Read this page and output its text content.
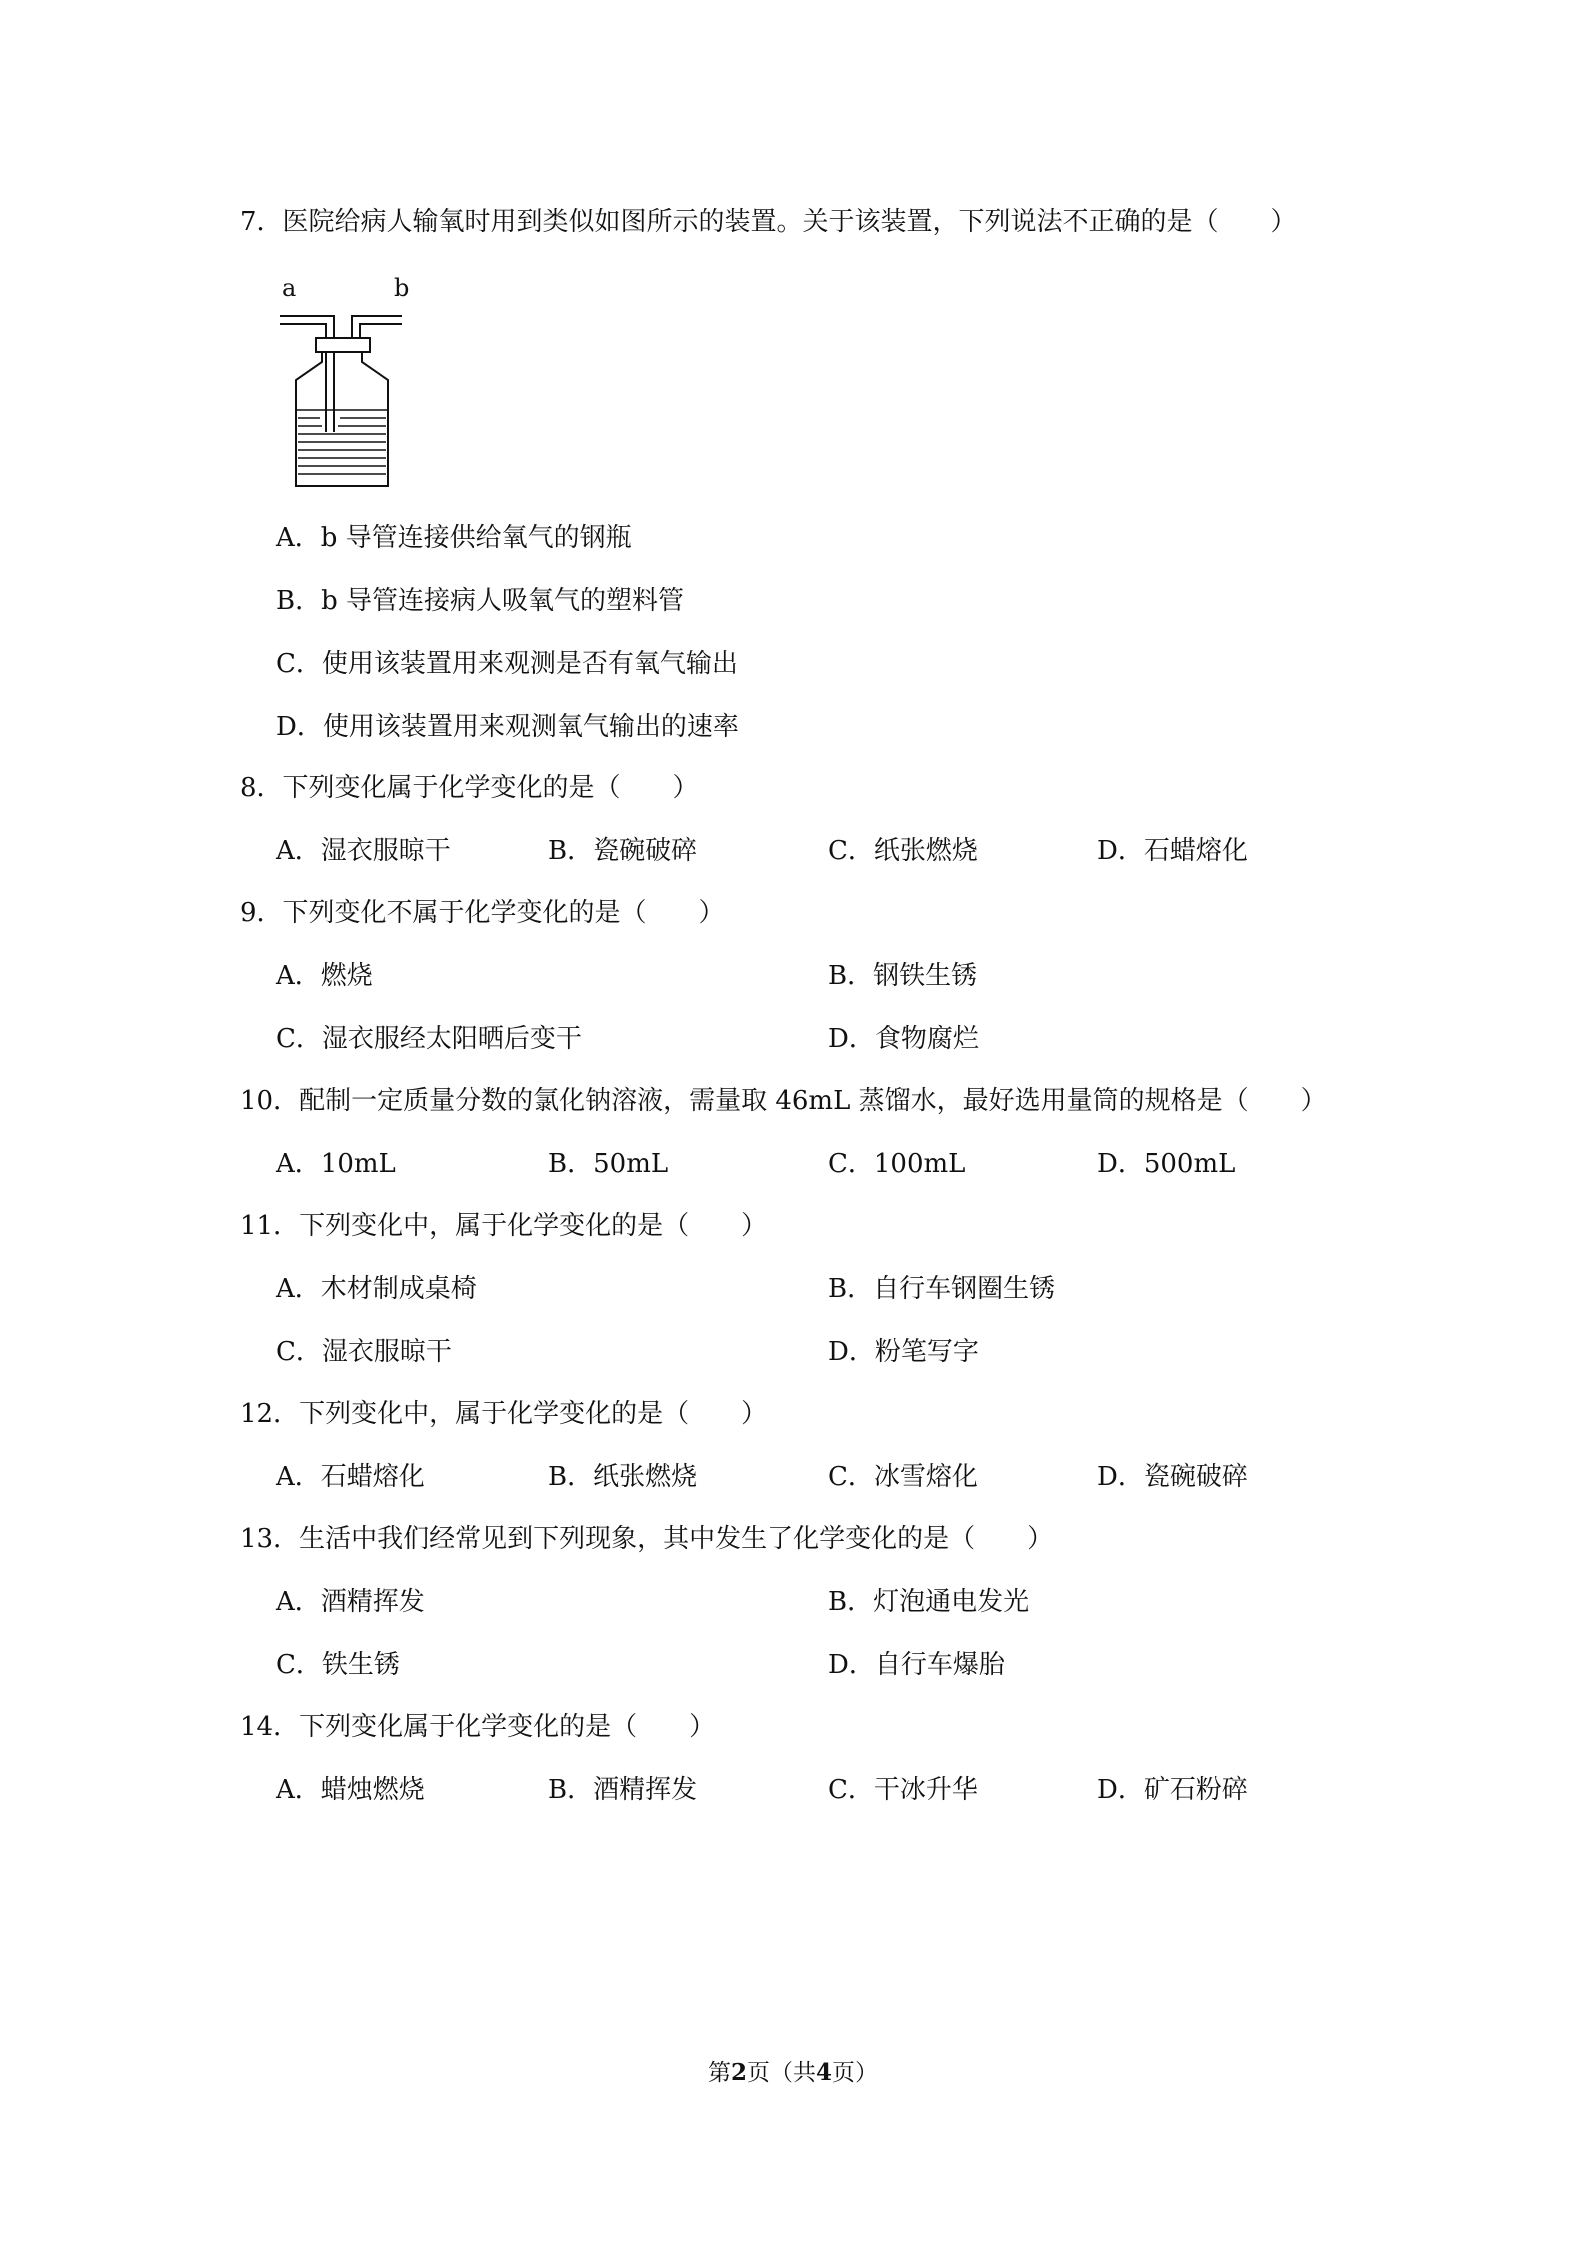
7．医院给病人输氧时用到类似如图所示的装置。关于该装置，下列说法不正确的是（　　）
a	b
A．b 导管连接供给氧气的钢瓶
B．b 导管连接病人吸氧气的塑料管
C．使用该装置用来观测是否有氧气输出
D．使用该装置用来观测氧气输出的速率
8．下列变化属于化学变化的是（　　）
A．湿衣服晾干	B．瓷碗破碎	C．纸张燃烧	D．石蜡熔化
9．下列变化不属于化学变化的是（　　）
A．燃烧	B．钢铁生锈
C．湿衣服经太阳晒后变干	D．食物腐烂
10．配制一定质量分数的氯化钠溶液，需量取 46mL 蒸馏水，最好选用量筒的规格是（　　）
A．10mL	B．50mL	C．100mL	D．500mL
11．下列变化中，属于化学变化的是（　　）
A．木材制成桌椅	B．自行车钢圈生锈
C．湿衣服晾干	D．粉笔写字
12．下列变化中，属于化学变化的是（　　）
A．石蜡熔化	B．纸张燃烧	C．冰雪熔化	D．瓷碗破碎
13．生活中我们经常见到下列现象，其中发生了化学变化的是（　　）
A．酒精挥发	B．灯泡通电发光
C．铁生锈	D．自行车爆胎
14．下列变化属于化学变化的是（　　）
A．蜡烛燃烧	B．酒精挥发	C．干冰升华	D．矿石粉碎
第2页（共4页）
